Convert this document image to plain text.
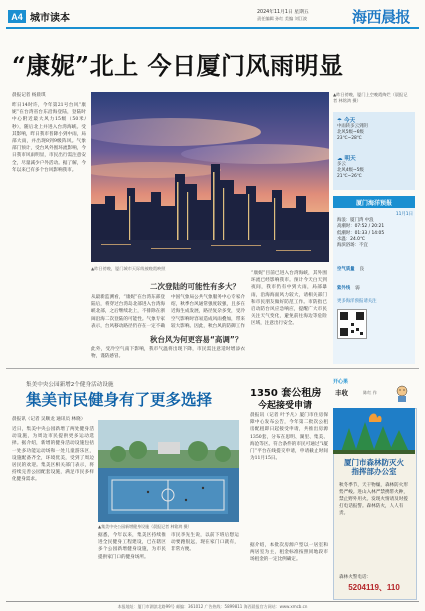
A4 城市读本
2024年11月1日 星期五
责任编辑 孙红 美编 刘江波	海西晨报
“康妮”北上 今日厦门风雨明显
晨报记者 杨晨琪
昨日14时许，今年第21号台风“康妮”在台湾省台东沿海登陆，登陆时中心附近最大风力15级（50米/秒），随后北上并进入台湾海峡。受其影响，昨日我市普降小到中雨，局部大雨，并出现8到9级阵风。气象部门预计，受台风外围环流影响，今日我市风雨明显，市民出行需注意安全，尽量减少户外活动。据了解，今年以来已有多个台风影响我市。
▲昨日傍晚，厦门上空晚霞绚烂（晨报记者 林铭鸿 摄）
▲昨日傍晚，厦门城市天际线被晚霞映照
☂ 今天
中雨转多云到阴
北风5级~6级
23℃~28℃
☁ 明天
多云
北风4级~5级
21℃~26℃
厦门海洋预报
11月1日
海浪：厦门湾 中浪
高潮时：07:52 / 20:21
低潮时：01:33 / 14:05
水温：24.0℃
海滨浴场：不宜
空气质量 良
紫外线 弱
更多海洋预报请关注
二次登陆的可能性有多大？
从最新监测看，“康妮”在台湾东部登陆后，将穿过台湾岛北部进入台湾海峡北部，之后继续北上，不排除在浙闽沿海二次登陆的可能性。气象专家表示，台风移动路径仍存在一定不确
中国气象局公共气象服务中心专家介绍，秋季台风通常强度较强，且多在近海生成发展，路径复杂多变，受冷空气影响时容易造成风雨叠加，带来较大影响。因此，秋台风的防御工作
“康妮”目前已进入台湾海峡，其外围环流已经影响我市。预计今天白天到夜间，我市仍有中到大雨，局部暴雨，沿海海面风力较大，请相关部门和市民朋友做好防范工作。市防指已启动防台风应急响应，提醒广大市民关注天气变化，避免前往海边等危险区域，注意出行安全。
秋台风为何更容易“高调”？
此外，受冷空气南下影响，我市气温将出现下降，市民需注意适时增添衣物，谨防感冒。
集美中央公园新增2个健身活动设施
集美市民健身有了更多选择
晨报讯（记者 吴顺龙 通讯员 林晓）
近日，集美中央公园新增了两处健身活动设施，为周边市民提供更多运动选择。据介绍，新增的健身活动设施包括一处多功能运动场和一处儿童游乐区，设施配备齐全，环境优美，受到了周边居民的欢迎。集美区相关部门表示，将持续完善公园配套设施，满足市民多样化健身需求。
▲集美中央公园新增健身设施（晨报记者 林铭鸿 摄）
据悉，今年以来，集美区持续推进全民健身工程建设，已在辖区多个公园新增健身设施，为市民提供家门口的健身场所。
市民李先生说，以前下班后想运动要跑很远，现在家门口就有，非常方便。
1350 套公租房
今起接受申请
晨报讯（记者 叶予凡）厦门市住房保障中心发布公告，今年第二批次公租房配租即日起接受申请，共推出房源1350套，分布在思明、湖里、集美、海沧等区。符合条件的市民可通过“i厦门”平台在线提交申请，申请截止时间为11月15日。
据介绍，本批次房源户型以一居室和两居室为主，租金标准按照同地段市场租金的一定比例确定。
开心果
丰收	陈红 作
厦门市森林防灭火
指挥部办公室
秋冬季节，天干物燥，森林防火形势严峻。进山入林严禁携带火种，禁止野外用火。发现火情请及时拨打电话报警。森林防火，人人有责。
森林火警电话：
5204119、110
本报地址：厦门市湖滨北路99号 邮编：361012 广告热线：5899811 海西晨报官方网站：www.xmcb.cn
